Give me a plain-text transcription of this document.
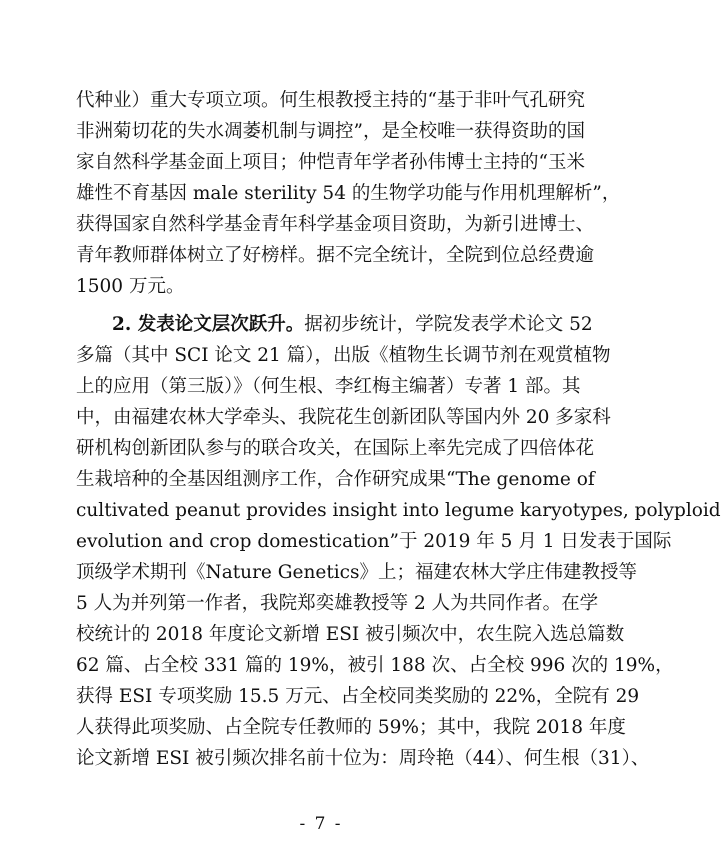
代种业）重大专项立项。何生根教授主持的“基于非叶气孔研究
非洲菊切花的失水凋萎机制与调控”，是全校唯一获得资助的国
家自然科学基金面上项目；仲恺青年学者孙伟博士主持的“玉米
雄性不育基因 male sterility 54 的生物学功能与作用机理解析”，
获得国家自然科学基金青年科学基金项目资助，为新引进博士、
青年教师群体树立了好榜样。据不完全统计，全院到位总经费逾
1500 万元。
2. 发表论文层次跃升。据初步统计，学院发表学术论文 52
多篇（其中 SCI 论文 21 篇），出版《植物生长调节剂在观赏植物
上的应用（第三版）》（何生根、李红梅主编著）专著 1 部。其
中，由福建农林大学牵头、我院花生创新团队等国内外 20 多家科
研机构创新团队参与的联合攻关，在国际上率先完成了四倍体花
生栽培种的全基因组测序工作，合作研究成果“The genome of
cultivated peanut provides insight into legume karyotypes, polyploid
evolution and crop domestication”于 2019 年 5 月 1 日发表于国际
顶级学术期刊《Nature Genetics》上；福建农林大学庄伟建教授等
5 人为并列第一作者，我院郑奕雄教授等 2 人为共同作者。在学
校统计的 2018 年度论文新增 ESI 被引频次中，农生院入选总篇数
62 篇、占全校 331 篇的 19%，被引 188 次、占全校 996 次的 19%，
获得 ESI 专项奖励 15.5 万元、占全校同类奖励的 22%，全院有 29
人获得此项奖励、占全院专任教师的 59%；其中，我院 2018 年度
论文新增 ESI 被引频次排名前十位为：周玲艳（44）、何生根（31）、
- 7 -
